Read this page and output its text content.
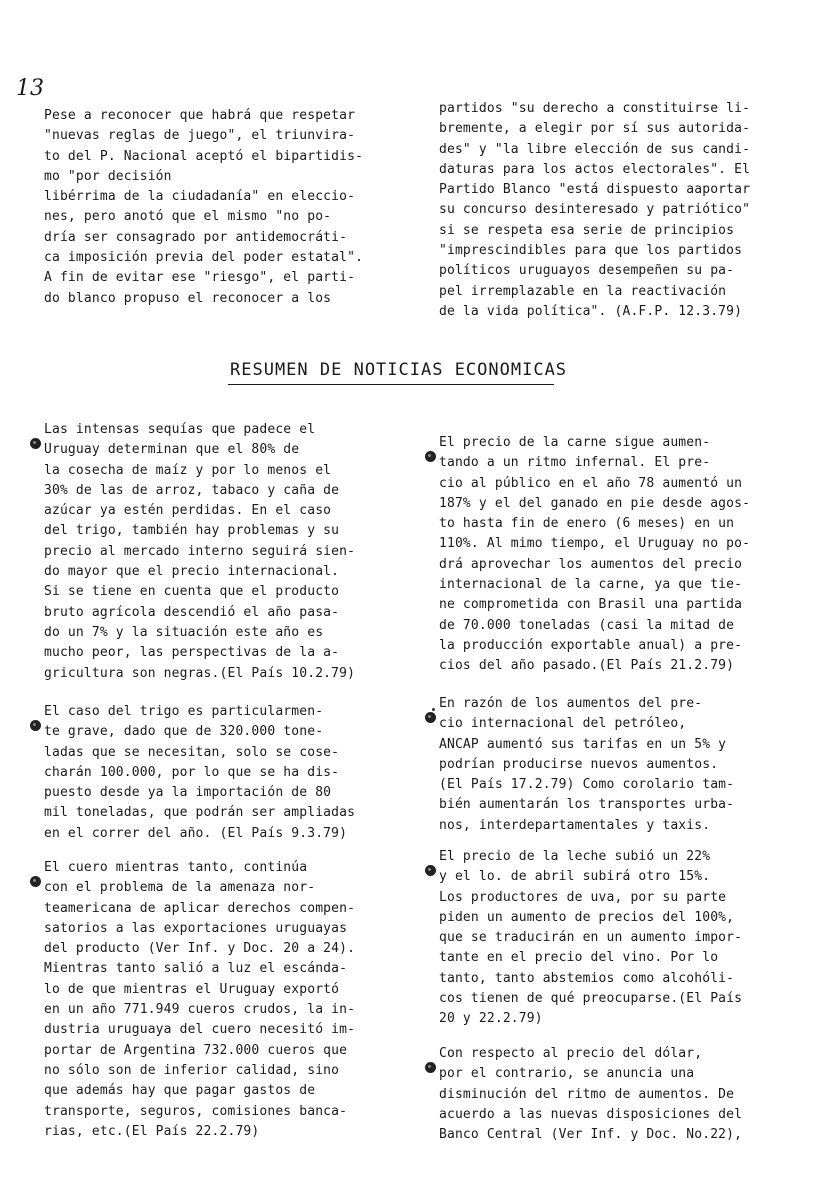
13
Pese a reconocer que habrá que respetar
"nuevas reglas de juego", el triunvira-
to del P. Nacional aceptó el bipartidis-
mo "por decisión
libérrima de la ciudadanía" en eleccio-
nes, pero anotó que el mismo "no po-
dría ser consagrado por antidemocráti-
ca imposición previa del poder estatal".
A fin de evitar ese "riesgo", el parti-
do blanco propuso el reconocer a los
partidos "su derecho a constituirse li-
bremente, a elegir por sí sus autorida-
des" y "la libre elección de sus candi-
daturas para los actos electorales". El
Partido Blanco "está dispuesto aaportar
su concurso desinteresado y patriótico"
si se respeta esa serie de principios
"imprescindibles para que los partidos
políticos uruguayos desempeñen su pa-
pel irremplazable en la reactivación
de la vida política". (A.F.P. 12.3.79)
RESUMEN DE NOTICIAS ECONOMICAS
Las intensas sequías que padece el
Uruguay determinan que el 80% de
la cosecha de maíz y por lo menos el
30% de las de arroz, tabaco y caña de
azúcar ya estén perdidas. En el caso
del trigo, también hay problemas y su
precio al mercado interno seguirá sien-
do mayor que el precio internacional.
Si se tiene en cuenta que el producto
bruto agrícola descendió el año pasa-
do un 7% y la situación este año es
mucho peor, las perspectivas de la a-
gricultura son negras.(El País 10.2.79)
El caso del trigo es particularmen-
te grave, dado que de 320.000 tone-
ladas que se necesitan, solo se cose-
charán 100.000, por lo que se ha dis-
puesto desde ya la importación de 80
mil toneladas, que podrán ser ampliadas
en el correr del año. (El País 9.3.79)
El cuero mientras tanto, continúa
con el problema de la amenaza nor-
teamericana de aplicar derechos compen-
satorios a las exportaciones uruguayas
del producto (Ver Inf. y Doc. 20 a 24).
Mientras tanto salió a luz el escánda-
lo de que mientras el Uruguay exportó
en un año 771.949 cueros crudos, la in-
dustria uruguaya del cuero necesitó im-
portar de Argentina 732.000 cueros que
no sólo son de inferior calidad, sino
que además hay que pagar gastos de
transporte, seguros, comisiones banca-
rias, etc.(El País 22.2.79)
El precio de la carne sigue aumen-
tando a un ritmo infernal. El pre-
cio al público en el año 78 aumentó un
187% y el del ganado en pie desde agos-
to hasta fin de enero (6 meses) en un
110%. Al mimo tiempo, el Uruguay no po-
drá aprovechar los aumentos del precio
internacional de la carne, ya que tie-
ne comprometida con Brasil una partida
de 70.000 toneladas (casi la mitad de
la producción exportable anual) a pre-
cios del año pasado.(El País 21.2.79)
En razón de los aumentos del pre-
cio internacional del petróleo,
ANCAP aumentó sus tarifas en un 5% y
podrían producirse nuevos aumentos.
(El País 17.2.79) Como corolario tam-
bién aumentarán los transportes urba-
nos, interdepartamentales y taxis.
El precio de la leche subió un 22%
y el lo. de abril subirá otro 15%.
Los productores de uva, por su parte
piden un aumento de precios del 100%,
que se traducirán en un aumento impor-
tante en el precio del vino. Por lo
tanto, tanto abstemios como alcohóli-
cos tienen de qué preocuparse.(El País
20 y 22.2.79)
Con respecto al precio del dólar,
por el contrario, se anuncia una
disminución del ritmo de aumentos. De
acuerdo a las nuevas disposiciones del
Banco Central (Ver Inf. y Doc. No.22),
